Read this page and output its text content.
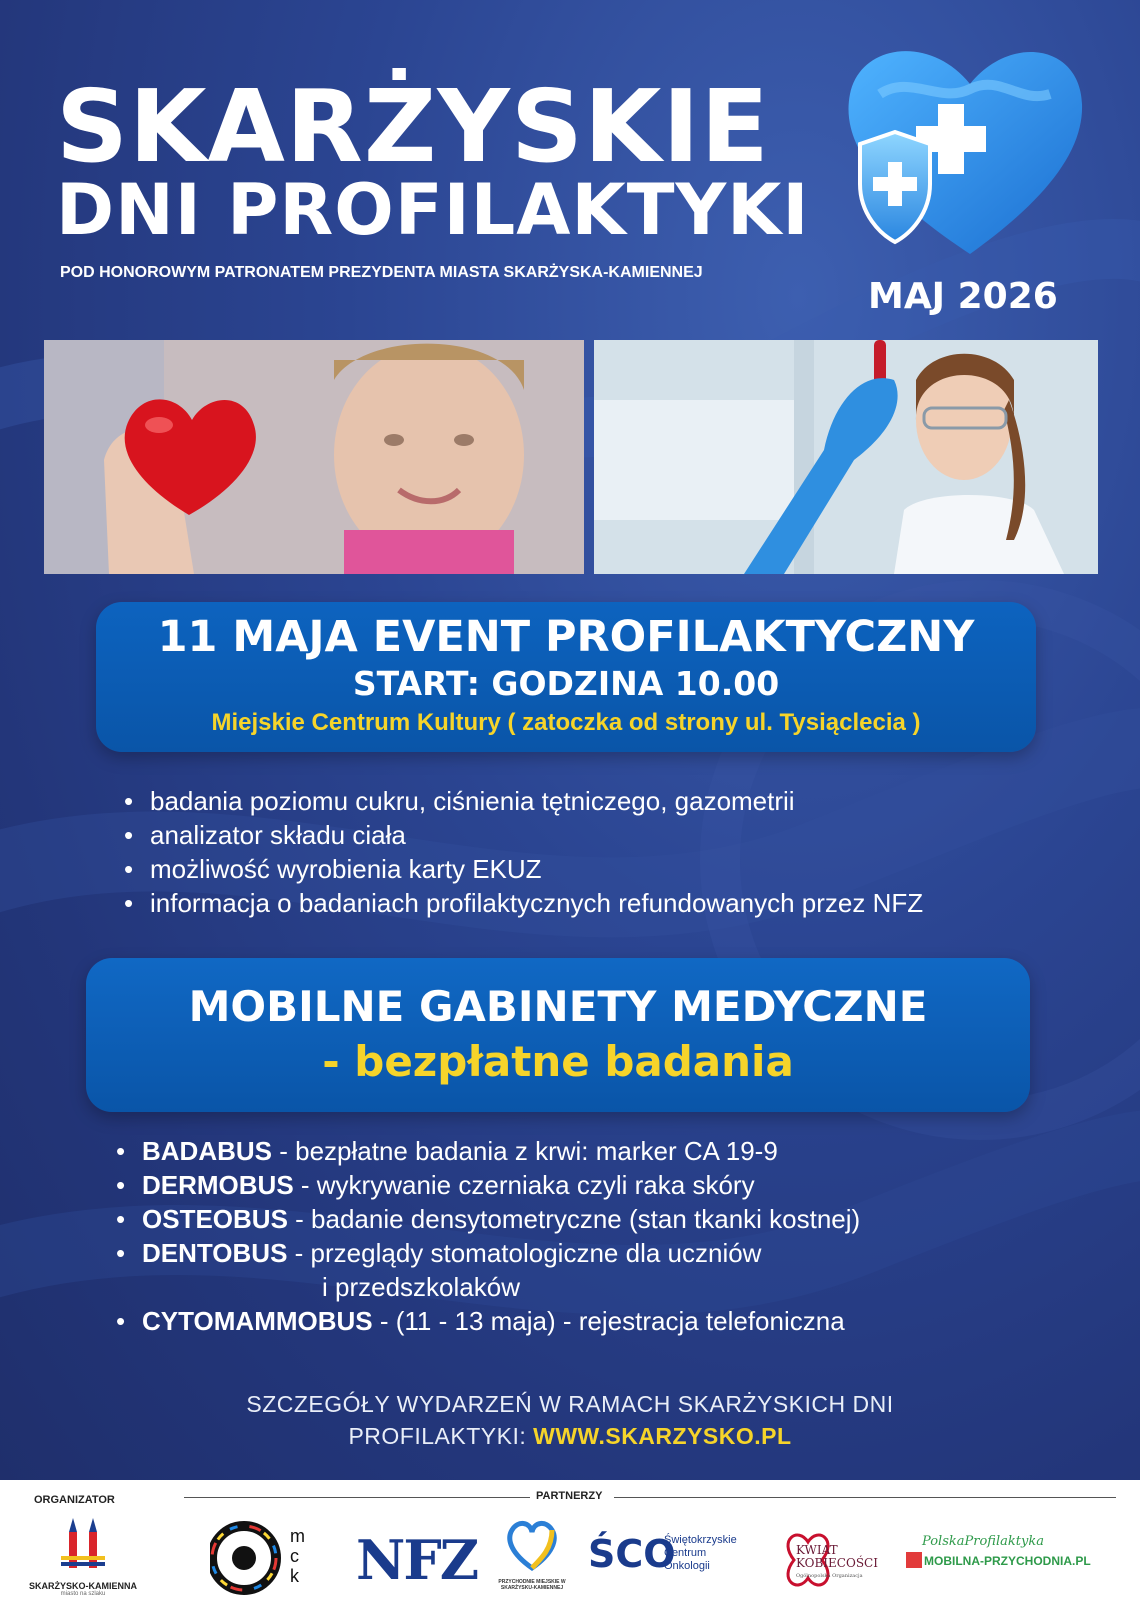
SKARŻYSKIE
DNI PROFILAKTYKI
POD HONOROWYM PATRONATEM PREZYDENTA MIASTA SKARŻYSKA-KAMIENNEJ
MAJ 2026
11 MAJA EVENT PROFILAKTYCZNY
START: GODZINA 10.00
Miejskie Centrum Kultury ( zatoczka od strony ul. Tysiąclecia )
• badania poziomu cukru, ciśnienia tętniczego, gazometrii
• analizator składu ciała
• możliwość wyrobienia karty EKUZ
• informacja o badaniach profilaktycznych refundowanych przez NFZ
MOBILNE GABINETY MEDYCZNE
- bezpłatne badania
• BADABUS - bezpłatne badania z krwi: marker CA 19-9
• DERMOBUS - wykrywanie czerniaka czyli raka skóry
• OSTEOBUS - badanie densytometryczne (stan tkanki kostnej)
• DENTOBUS - przeglądy stomatologiczne dla uczniów
i przedszkolaków
• CYTOMAMMOBUS - (11 - 13 maja) - rejestracja telefoniczna
SZCZEGÓŁY WYDARZEŃ W RAMACH SKARŻYSKICH DNI
PROFILAKTYKI: WWW.SKARZYSKO.PL
ORGANIZATOR	PARTNERZY
SKARŻYSKO-KAMIENNA
miasto na szlaku
mck NFZ	PRZYCHODNIE MIEJSKIE W SKARŻYSKU-KAMIENNEJ
ŚCO
Świętokrzyskie
Centrum
Onkologii
KWIAT
KOBIECOŚCI
Ogólnopolska Organizacja
PolskaProfilaktyka
MOBILNA-PRZYCHODNIA.PL
